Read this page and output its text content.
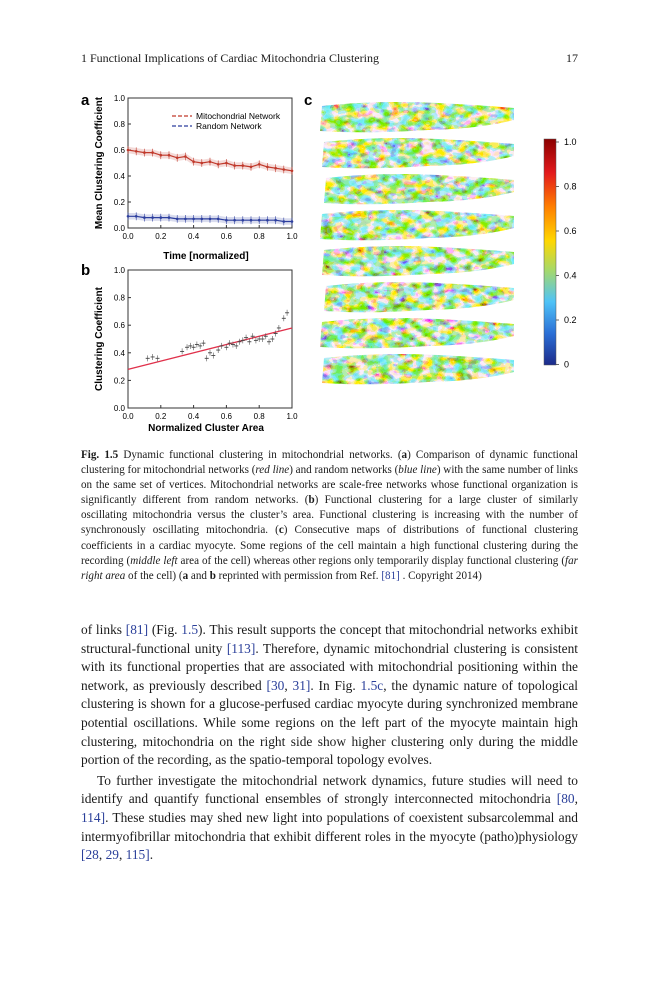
1 Functional Implications of Cardiac Mitochondria Clustering	17
a
b
c
Mitochondrial Network
Random Network
Time [normalized]
Mean Clustering Coefficient
0.0	0.2	0.4	0.6	0.8	1.0
0.0
0.2
0.4
0.6
0.8
1.0
Normalized Cluster Area
Clustering Coefficient
0.0	0.2	0.4	0.6	0.8	1.0
0.0
0.2
0.4
0.6
0.8
1.0
1.0
0.8
0.6
0.4
0.2
0
Fig. 1.5 Dynamic functional clustering in mitochondrial networks. (a) Comparison of dynamic functional clustering for mitochondrial networks (red line) and random networks (blue line) with the same number of links on the same set of vertices. Mitochondrial networks are scale-free networks whose functional organization is significantly different from random networks. (b) Functional clustering for a large cluster of similarly oscillating mitochondria versus the cluster’s area. Functional clustering is increasing with the number of synchronously oscillating mitochondria. (c) Consecutive maps of distributions of functional clustering coefficients in a cardiac myocyte. Some regions of the cell maintain a high functional clustering during the recording (middle left area of the cell) whereas other regions only temporarily display functional clustering (far right area of the cell) (a and b reprinted with permission from Ref. [81] . Copyright 2014)

of links [81] (Fig. 1.5). This result supports the concept that mitochondrial networks exhibit structural-functional unity [113]. Therefore, dynamic mitochondrial clustering is consistent with its functional properties that are associated with mitochondrial positioning within the network, as previously described [30, 31]. In Fig. 1.5c, the dynamic nature of topological clustering is shown for a glucose-perfused cardiac myocyte during synchronized membrane potential oscillations. While some regions on the left part of the myocyte maintain high clustering, mitochondria on the right side show higher clustering only during the middle portion of the recording, as the spatio-temporal topology evolves.

To further investigate the mitochondrial network dynamics, future studies will need to identify and quantify functional ensembles of strongly interconnected mitochondria [80, 114]. These studies may shed new light into populations of coexistent subsarcolemmal and intermyofibrillar mitochondria that exhibit different roles in the myocyte (patho)physiology [28, 29, 115].
